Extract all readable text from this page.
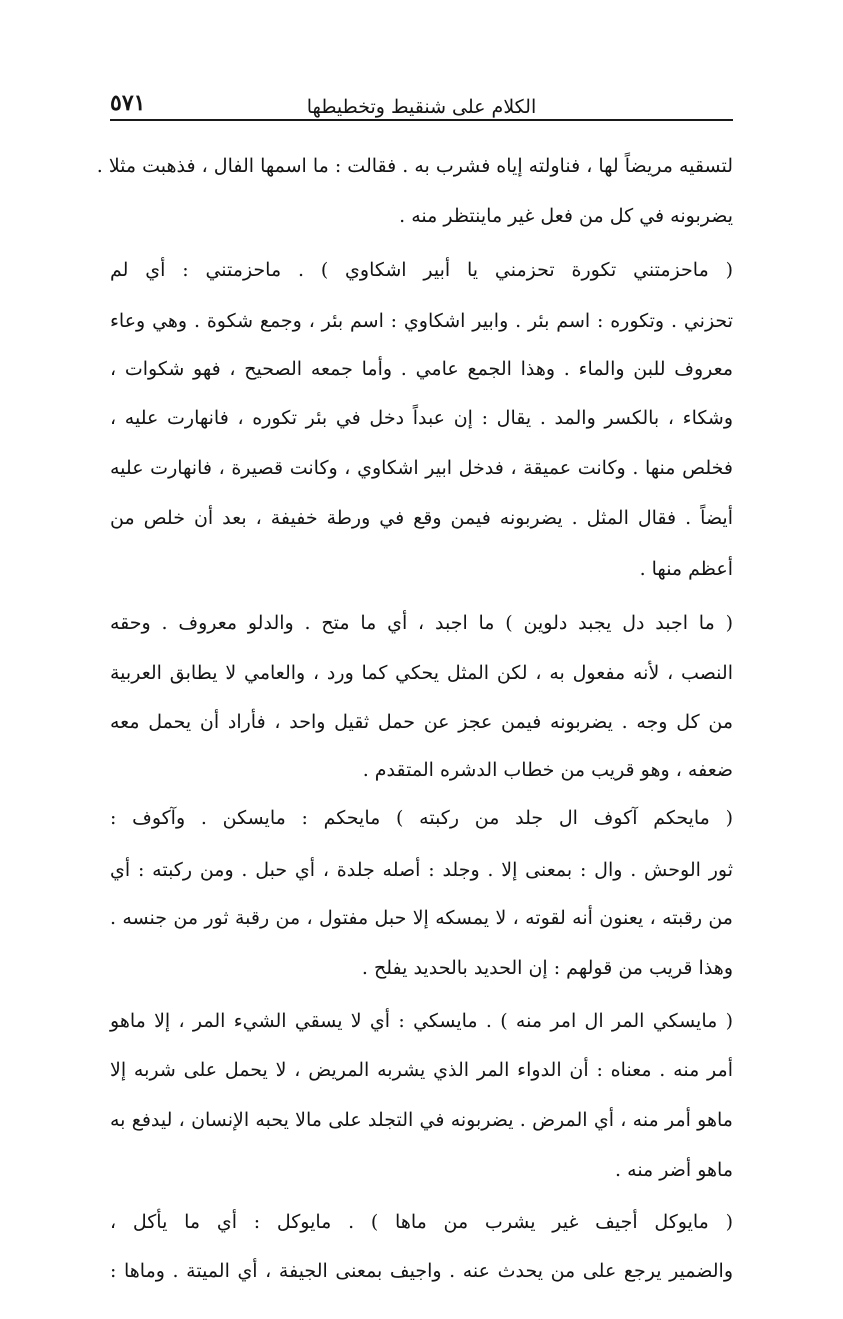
الكلام على شنقيط وتخطيطها
٥٧١
لتسقيه مريضاً لها ، فناولته إياه فشرب به . فقالت : ما اسمها الفال ، فذهبت مثلا .
يضربونه في كل من فعل غير ماينتظر منه .
( ماحزمتني تكورة تحزمني يا أبير اشكاوي ) . ماحزمتني : أي لم
تحزني . وتكوره : اسم بئر . وابير اشكاوي : اسم بئر ، وجمع شكوة . وهي وعاء
معروف للبن والماء . وهذا الجمع عامي . وأما جمعه الصحيح ، فهو شكوات ،
وشكاء ، بالكسر والمد . يقال : إن عبداً دخل في بئر تكوره ، فانهارت عليه ،
فخلص منها . وكانت عميقة ، فدخل ابير اشكاوي ، وكانت قصيرة ، فانهارت عليه
أيضاً . فقال المثل . يضربونه فيمن وقع في ورطة خفيفة ، بعد أن خلص من
أعظم منها .
( ما اجبد دل يجبد دلوين ) ما اجبد ، أي ما متح . والدلو معروف . وحقه
النصب ، لأنه مفعول به ، لكن المثل يحكي كما ورد ، والعامي لا يطابق العربية
من كل وجه . يضربونه فيمن عجز عن حمل ثقيل واحد ، فأراد أن يحمل معه
ضعفه ، وهو قريب من خطاب الدشره المتقدم .
( مايحكم آكوف ال جلد من ركبته ) مايحكم : مايسكن . وآكوف :
ثور الوحش . وال : بمعنى إلا . وجلد : أصله جلدة ، أي حبل . ومن ركبته : أي
من رقبته ، يعنون أنه لقوته ، لا يمسكه إلا حبل مفتول ، من رقبة ثور من جنسه .
وهذا قريب من قولهم : إن الحديد بالحديد يفلح .
( مايسكي المر ال امر منه ) . مايسكي : أي لا يسقي الشيء المر ، إلا ماهو
أمر منه . معناه : أن الدواء المر الذي يشربه المريض ، لا يحمل على شربه إلا
ماهو أمر منه ، أي المرض . يضربونه في التجلد على مالا يحبه الإنسان ، ليدفع به
ماهو أضر منه .
( مايوكل أجيف غير يشرب من ماها ) . مايوكل : أي ما يأكل ،
والضمير يرجع على من يحدث عنه . واجيف بمعنى الجيفة ، أي الميتة . وماها :
